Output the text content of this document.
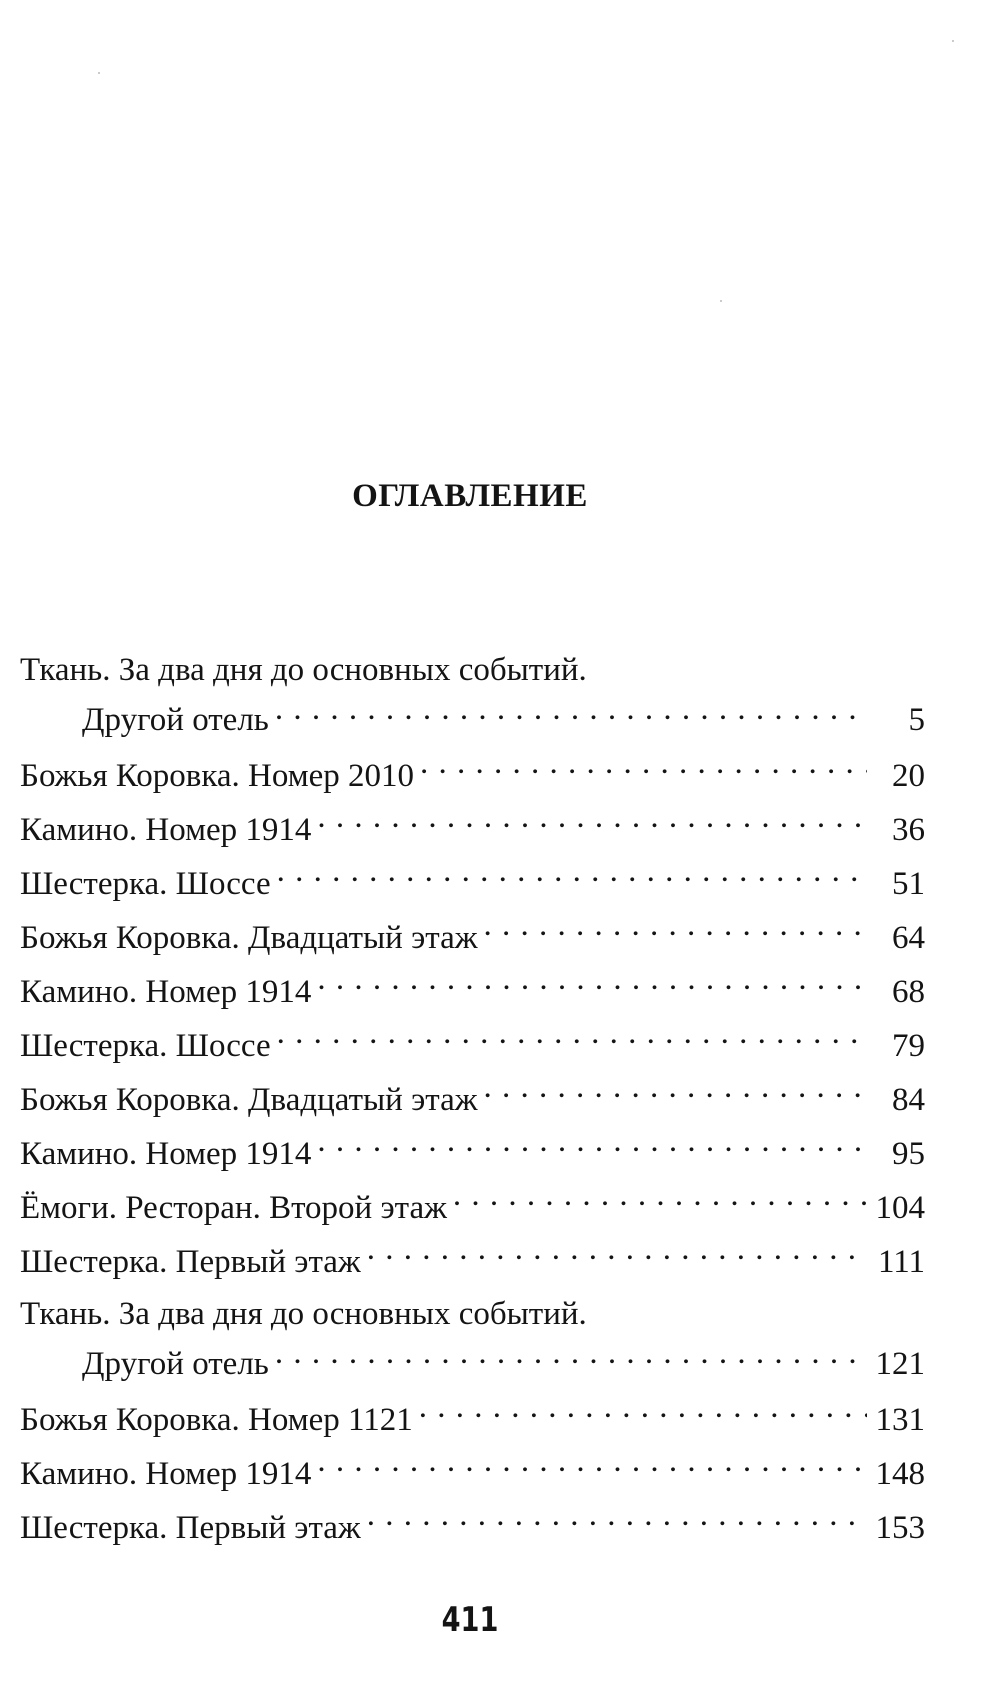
ОГЛАВЛЕНИЕ
Ткань. За два дня до основных событий.
Другой отель . . .	5
Божья Коровка. Номер 2010 . . .	20
Камино. Номер 1914 . . .	36
Шестерка. Шоссе . . .	51
Божья Коровка. Двадцатый этаж . . .	64
Камино. Номер 1914 . . .	68
Шестерка. Шоссе . . .	79
Божья Коровка. Двадцатый этаж . . .	84
Камино. Номер 1914 . . .	95
Ёмоги. Ресторан. Второй этаж . . .	104
Шестерка. Первый этаж . . .	111
Ткань. За два дня до основных событий.
Другой отель . . .	121
Божья Коровка. Номер 1121 . . .	131
Камино. Номер 1914 . . .	148
Шестерка. Первый этаж . . .	153
411
